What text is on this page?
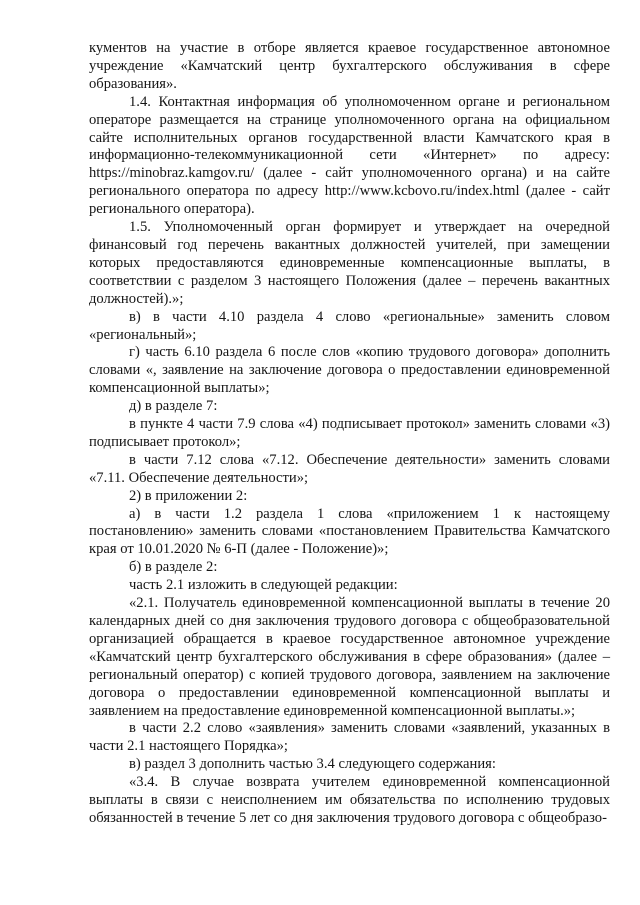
кументов на участие в отборе является краевое государственное автономное учреждение «Камчатский центр бухгалтерского обслуживания в сфере образования».

1.4. Контактная информация об уполномоченном органе и региональном операторе размещается на странице уполномоченного органа на официальном сайте исполнительных органов государственной власти Камчатского края в информационно-телекоммуникационной сети «Интернет» по адресу: https://minobraz.kamgov.ru/ (далее - сайт уполномоченного органа) и на сайте регионального оператора по адресу http://www.kcbovo.ru/index.html (далее - сайт регионального оператора).

1.5. Уполномоченный орган формирует и утверждает на очередной финансовый год перечень вакантных должностей учителей, при замещении которых предоставляются единовременные компенсационные выплаты, в соответствии с разделом 3 настоящего Положения (далее – перечень вакантных должностей).»;

в) в части 4.10 раздела 4 слово «региональные» заменить словом «региональный»;

г) часть 6.10 раздела 6 после слов «копию трудового договора» дополнить словами «, заявление на заключение договора о предоставлении единовременной компенсационной выплаты»;

д) в разделе 7:

в пункте 4 части 7.9 слова «4) подписывает протокол» заменить словами «3) подписывает протокол»;

в части 7.12 слова «7.12. Обеспечение деятельности» заменить словами «7.11. Обеспечение деятельности»;

2) в приложении 2:

а) в части 1.2 раздела 1 слова «приложением 1 к настоящему постановлению» заменить словами «постановлением Правительства Камчатского края от 10.01.2020 № 6-П (далее - Положение)»;

б) в разделе 2:

часть 2.1 изложить в следующей редакции:

«2.1. Получатель единовременной компенсационной выплаты в течение 20 календарных дней со дня заключения трудового договора с общеобразовательной организацией обращается в краевое государственное автономное учреждение «Камчатский центр бухгалтерского обслуживания в сфере образования» (далее – региональный оператор) с копией трудового договора, заявлением на заключение договора о предоставлении единовременной компенсационной выплаты и заявлением на предоставление единовременной компенсационной выплаты.»;

в части 2.2 слово «заявления» заменить словами «заявлений, указанных в части 2.1 настоящего Порядка»;

в) раздел 3 дополнить частью 3.4 следующего содержания:

«3.4. В случае возврата учителем единовременной компенсационной выплаты в связи с неисполнением им обязательства по исполнению трудовых обязанностей в течение 5 лет со дня заключения трудового договора с общеобразо-
